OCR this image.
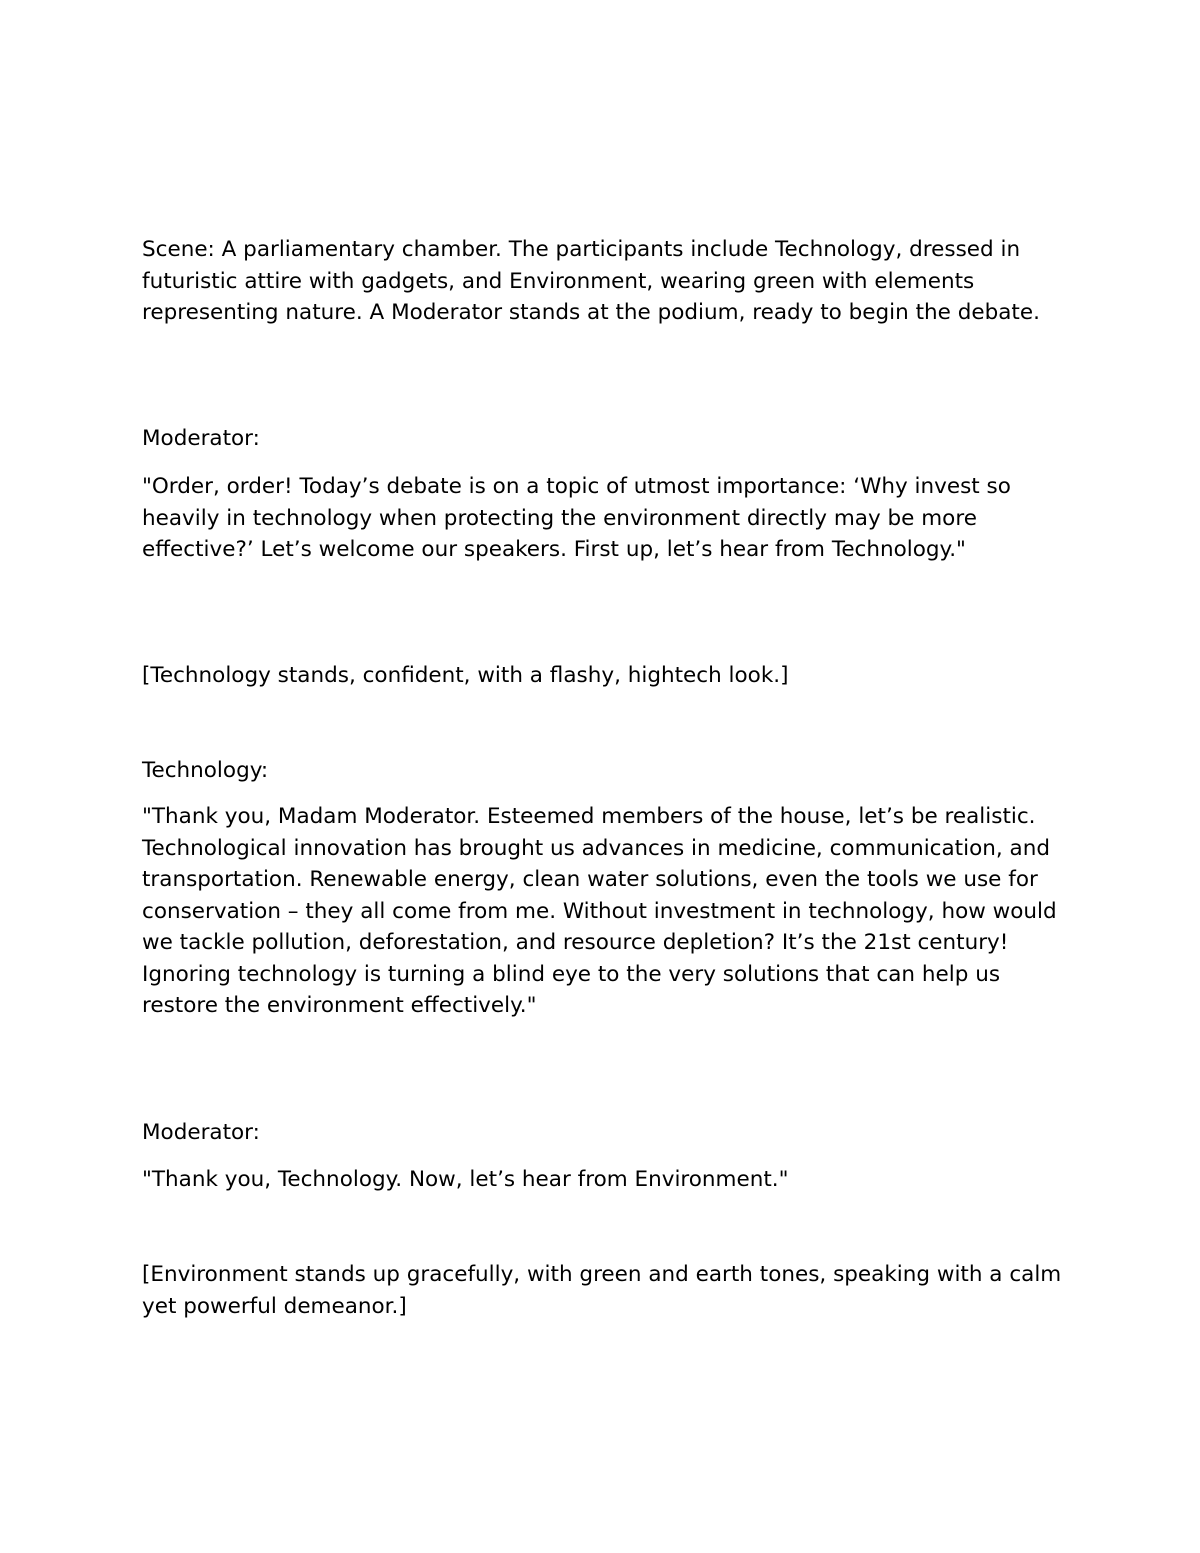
Scene: A parliamentary chamber. The participants include Technology, dressed in futuristic attire with gadgets, and Environment, wearing green with elements representing nature. A Moderator stands at the podium, ready to begin the debate.

Moderator:

"Order, order! Today’s debate is on a topic of utmost importance: ‘Why invest so heavily in technology when protecting the environment directly may be more effective?’ Let’s welcome our speakers. First up, let’s hear from Technology."

[Technology stands, confident, with a flashy, hightech look.]

Technology:

"Thank you, Madam Moderator. Esteemed members of the house, let’s be realistic. Technological innovation has brought us advances in medicine, communication, and transportation. Renewable energy, clean water solutions, even the tools we use for conservation – they all come from me. Without investment in technology, how would we tackle pollution, deforestation, and resource depletion? It’s the 21st century! Ignoring technology is turning a blind eye to the very solutions that can help us restore the environment effectively."

Moderator:

"Thank you, Technology. Now, let’s hear from Environment."

[Environment stands up gracefully, with green and earth tones, speaking with a calm yet powerful demeanor.]
